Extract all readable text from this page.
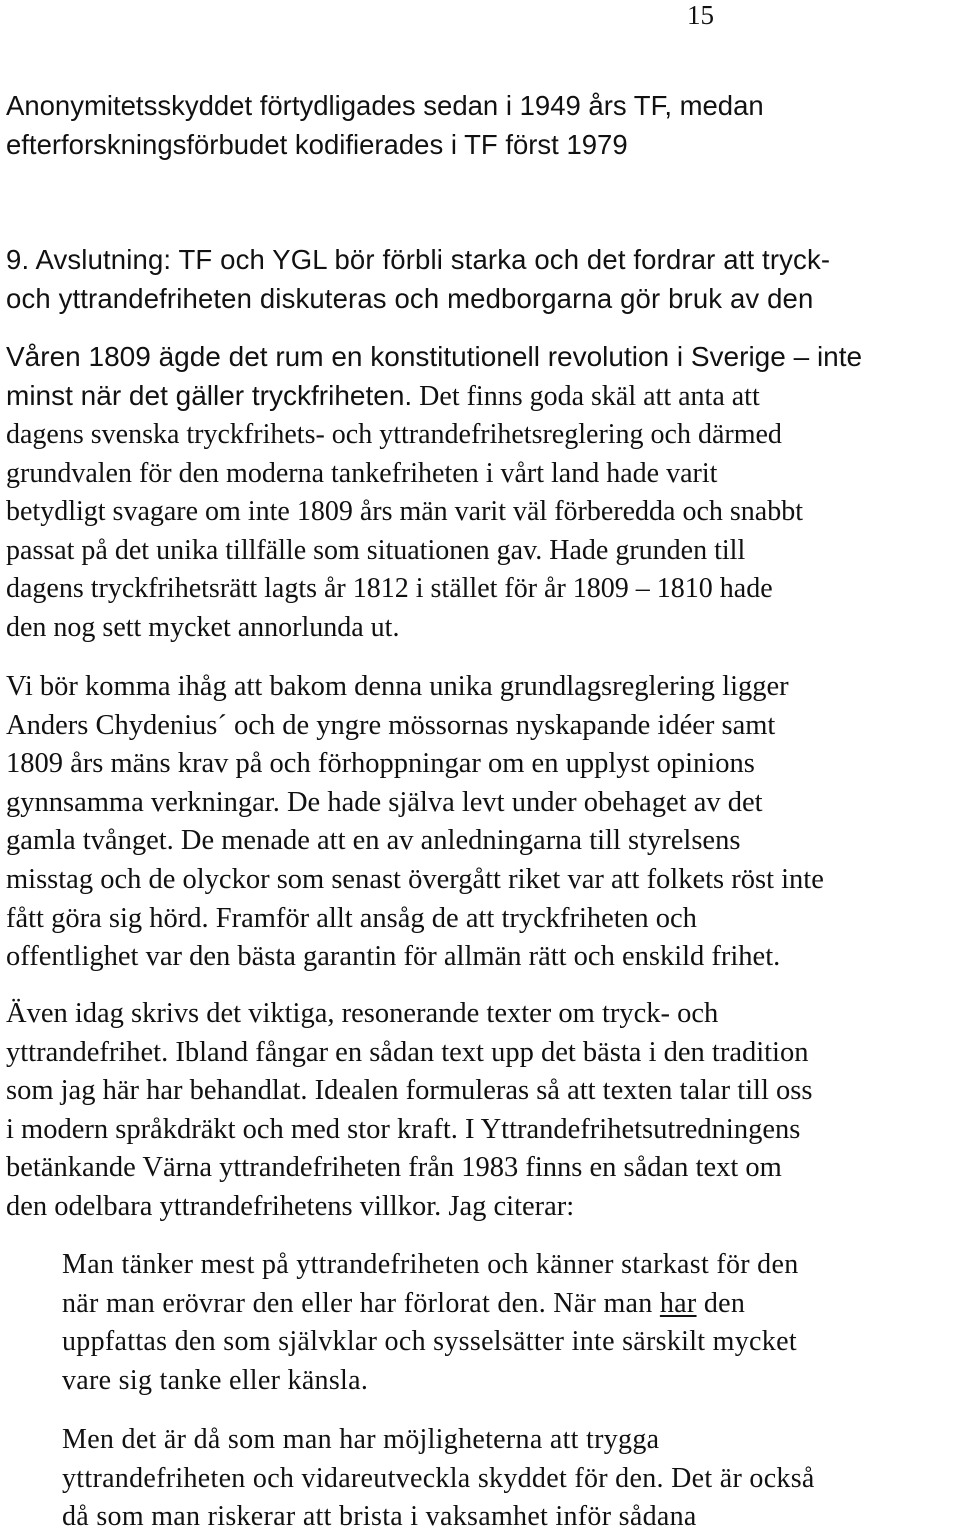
15

Anonymitetsskyddet förtydligades sedan i 1949 års TF, medan
efterforskningsförbudet kodifierades i TF först 1979

9. Avslutning: TF och YGL bör förbli starka och det fordrar att tryck-
och yttrandefriheten diskuteras och medborgarna gör bruk av den

Våren 1809 ägde det rum en konstitutionell revolution i Sverige – inte
minst när det gäller tryckfriheten. Det finns goda skäl att anta att
dagens svenska tryckfrihets- och yttrandefrihetsreglering och därmed
grundvalen för den moderna tankefriheten i vårt land hade varit
betydligt svagare om inte 1809 års män varit väl förberedda och snabbt
passat på det unika tillfälle som situationen gav. Hade grunden till
dagens tryckfrihetsrätt lagts år 1812 i stället för år 1809 – 1810 hade
den nog sett mycket annorlunda ut.

Vi bör komma ihåg att bakom denna unika grundlagsreglering ligger
Anders Chydenius´ och de yngre mössornas nyskapande idéer samt
1809 års mäns krav på och förhoppningar om en upplyst opinions
gynnsamma verkningar. De hade själva levt under obehaget av det
gamla tvånget. De menade att en av anledningarna till styrelsens
misstag och de olyckor som senast övergått riket var att folkets röst inte
fått göra sig hörd. Framför allt ansåg de att tryckfriheten och
offentlighet var den bästa garantin för allmän rätt och enskild frihet.

Även idag skrivs det viktiga, resonerande texter om tryck- och
yttrandefrihet. Ibland fångar en sådan text upp det bästa i den tradition
som jag här har behandlat. Idealen formuleras så att texten talar till oss
i modern språkdräkt och med stor kraft. I Yttrandefrihetsutredningens
betänkande Värna yttrandefriheten från 1983 finns en sådan text om
den odelbara yttrandefrihetens villkor. Jag citerar:

Man tänker mest på yttrandefriheten och känner starkast för den
när man erövrar den eller har förlorat den. När man har den
uppfattas den som självklar och sysselsätter inte särskilt mycket
vare sig tanke eller känsla.
Men det är då som man har möjligheterna att trygga
yttrandefriheten och vidareutveckla skyddet för den. Det är också
då som man riskerar att brista i vaksamhet inför sådana
